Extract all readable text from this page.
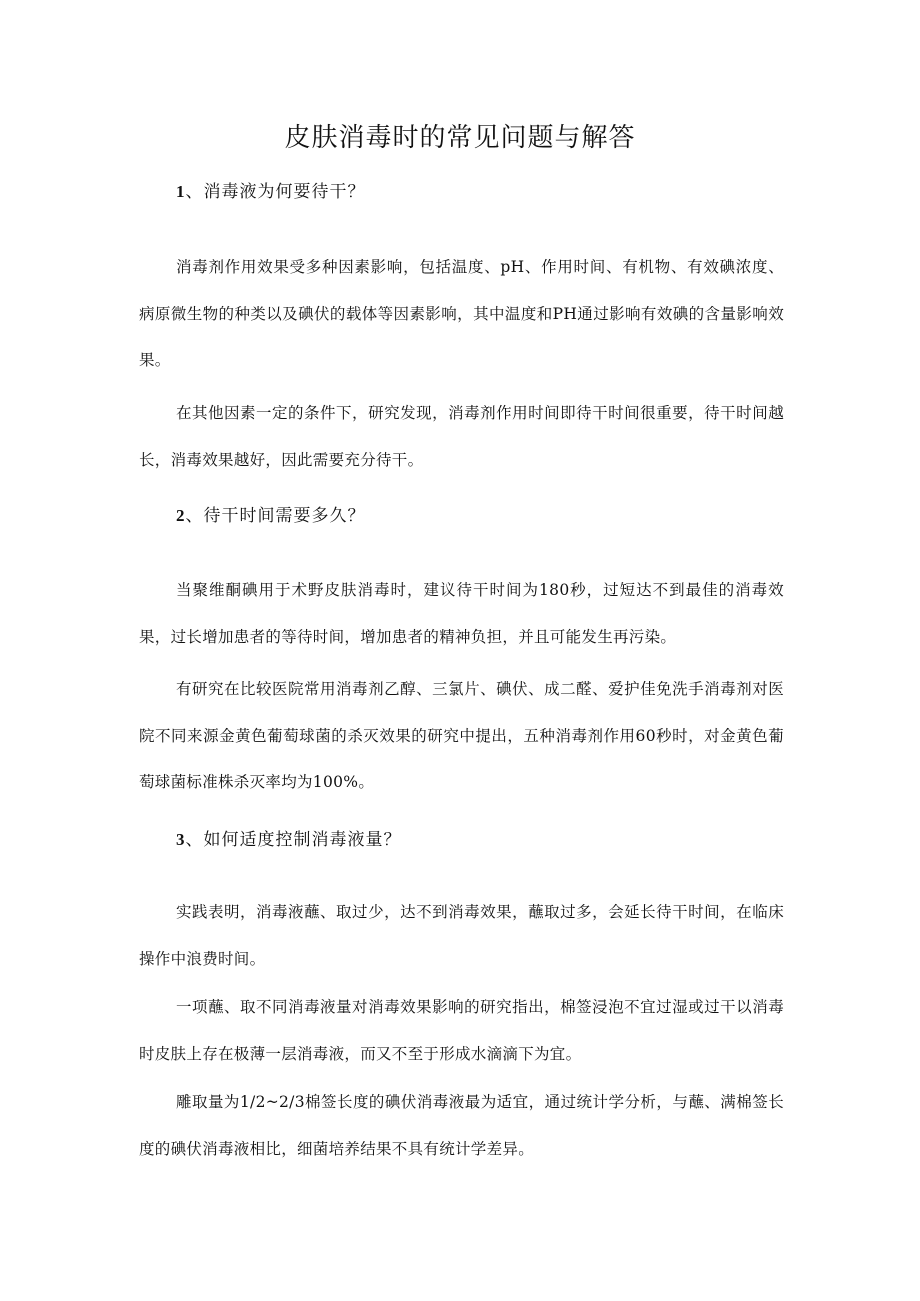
皮肤消毒时的常见问题与解答

1、消毒液为何要待干？

消毒剂作用效果受多种因素影响，包括温度、pH、作用时间、有机物、有效碘浓度、病原微生物的种类以及碘伏的载体等因素影响，其中温度和PH通过影响有效碘的含量影响效果。

在其他因素一定的条件下，研究发现，消毒剂作用时间即待干时间很重要，待干时间越长，消毒效果越好，因此需要充分待干。

2、待干时间需要多久？

当聚维酮碘用于术野皮肤消毒时，建议待干时间为180秒，过短达不到最佳的消毒效果，过长增加患者的等待时间，增加患者的精神负担，并且可能发生再污染。

有研究在比较医院常用消毒剂乙醇、三氯片、碘伏、成二醛、爱护佳免洗手消毒剂对医院不同来源金黄色葡萄球菌的杀灭效果的研究中提出，五种消毒剂作用60秒时，对金黄色葡萄球菌标准株杀灭率均为100%。

3、如何适度控制消毒液量？

实践表明，消毒液蘸、取过少，达不到消毒效果，蘸取过多，会延长待干时间，在临床操作中浪费时间。

一项蘸、取不同消毒液量对消毒效果影响的研究指出，棉签浸泡不宜过湿或过干以消毒时皮肤上存在极薄一层消毒液，而又不至于形成水滴滴下为宜。

雕取量为1/2~2/3棉签长度的碘伏消毒液最为适宜，通过统计学分析，与蘸、满棉签长度的碘伏消毒液相比，细菌培养结果不具有统计学差异。
